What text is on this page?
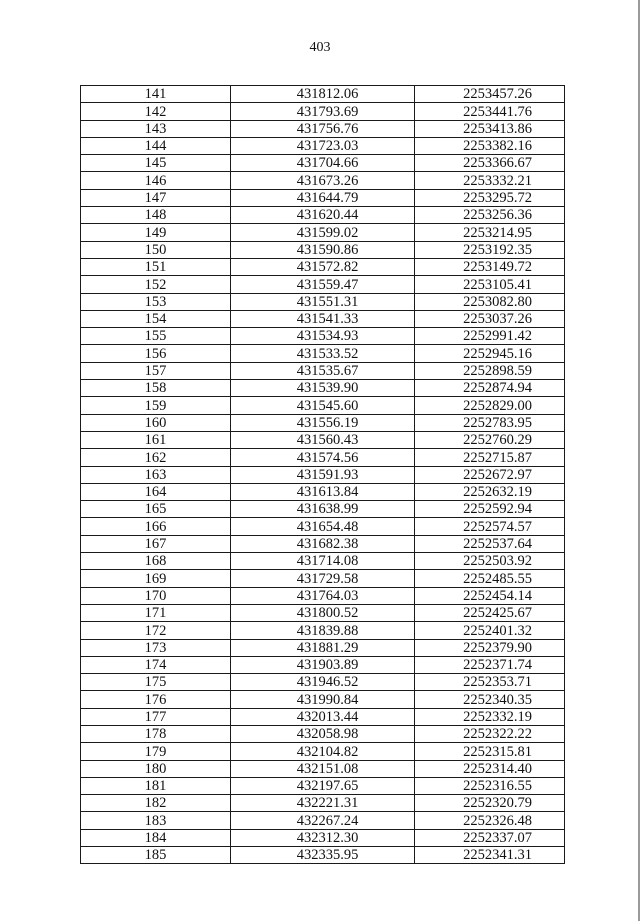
403
141	431812.06	2253457.26
142	431793.69	2253441.76
143	431756.76	2253413.86
144	431723.03	2253382.16
145	431704.66	2253366.67
146	431673.26	2253332.21
147	431644.79	2253295.72
148	431620.44	2253256.36
149	431599.02	2253214.95
150	431590.86	2253192.35
151	431572.82	2253149.72
152	431559.47	2253105.41
153	431551.31	2253082.80
154	431541.33	2253037.26
155	431534.93	2252991.42
156	431533.52	2252945.16
157	431535.67	2252898.59
158	431539.90	2252874.94
159	431545.60	2252829.00
160	431556.19	2252783.95
161	431560.43	2252760.29
162	431574.56	2252715.87
163	431591.93	2252672.97
164	431613.84	2252632.19
165	431638.99	2252592.94
166	431654.48	2252574.57
167	431682.38	2252537.64
168	431714.08	2252503.92
169	431729.58	2252485.55
170	431764.03	2252454.14
171	431800.52	2252425.67
172	431839.88	2252401.32
173	431881.29	2252379.90
174	431903.89	2252371.74
175	431946.52	2252353.71
176	431990.84	2252340.35
177	432013.44	2252332.19
178	432058.98	2252322.22
179	432104.82	2252315.81
180	432151.08	2252314.40
181	432197.65	2252316.55
182	432221.31	2252320.79
183	432267.24	2252326.48
184	432312.30	2252337.07
185	432335.95	2252341.31
